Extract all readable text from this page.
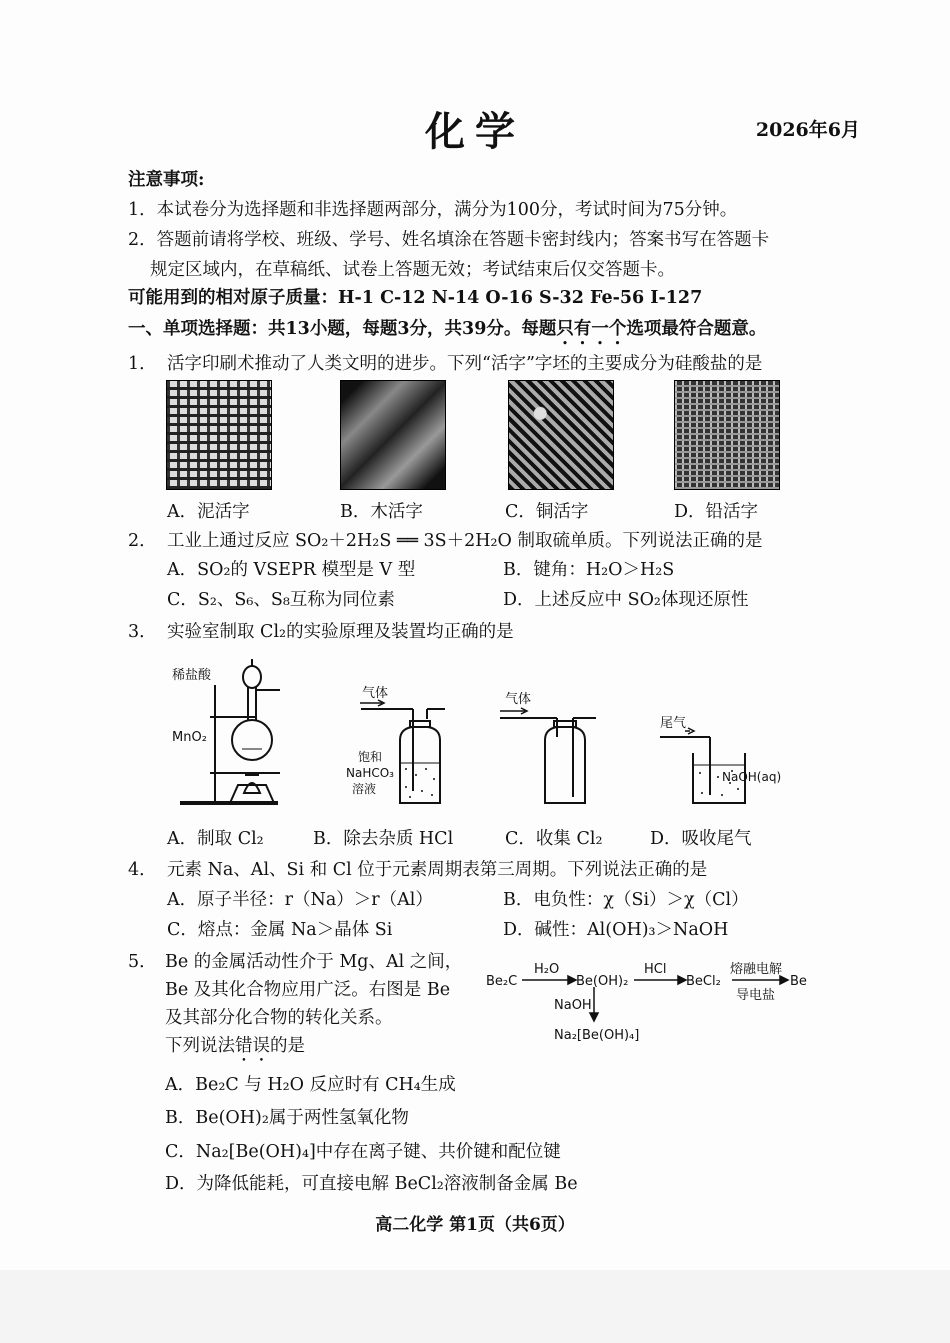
化学	2026年6月
注意事项:
1．本试卷分为选择题和非选择题两部分，满分为100分，考试时间为75分钟。
2．答题前请将学校、班级、学号、姓名填涂在答题卡密封线内；答案书写在答题卡
规定区域内，在草稿纸、试卷上答题无效；考试结束后仅交答题卡。
可能用到的相对原子质量：H-1 C-12 N-14 O-16 S-32 Fe-56 I-127
一、单项选择题：共13小题，每题3分，共39分。每题只有一个选项最符合题意。
1． 活字印刷术推动了人类文明的进步。下列“活字”字坯的主要成分为硅酸盐的是
A．泥活字	B．木活字	C．铜活字	D．铅活字
2． 工业上通过反应 SO₂＋2H₂S ══ 3S＋2H₂O 制取硫单质。下列说法正确的是
A．SO₂的 VSEPR 模型是 V 型	B．键角：H₂O＞H₂S
C．S₂、S₆、S₈互称为同位素	D．上述反应中 SO₂体现还原性
3． 实验室制取 Cl₂的实验原理及装置均正确的是
稀盐酸
MnO₂
气体
饱和
NaHCO₃
溶液
气体
尾气
NaOH(aq)
A．制取 Cl₂	B．除去杂质 HCl	C．收集 Cl₂	D．吸收尾气
4． 元素 Na、Al、Si 和 Cl 位于元素周期表第三周期。下列说法正确的是
A．原子半径：r（Na）＞r（Al）	B．电负性：χ（Si）＞χ（Cl）
C．熔点：金属 Na＞晶体 Si	D．碱性：Al(OH)₃＞NaOH
5． Be 的金属活动性介于 Mg、Al 之间，
Be 及其化合物应用广泛。右图是 Be
及其部分化合物的转化关系。
下列说法错误的是
Be₂C
H₂O
Be(OH)₂
HCl
BeCl₂
熔融电解
导电盐
Be
NaOH
Na₂[Be(OH)₄]
A．Be₂C 与 H₂O 反应时有 CH₄生成
B．Be(OH)₂属于两性氢氧化物
C．Na₂[Be(OH)₄]中存在离子键、共价键和配位键
D．为降低能耗，可直接电解 BeCl₂溶液制备金属 Be
高二化学 第1页（共6页）
